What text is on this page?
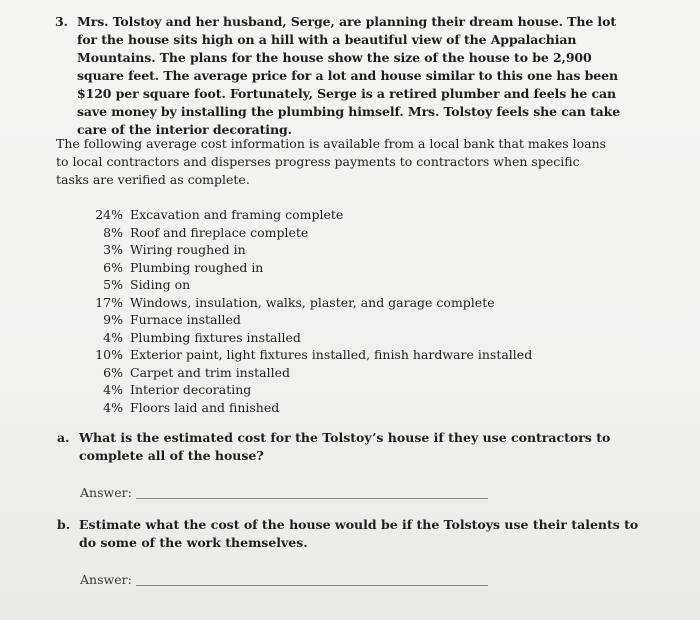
3. Mrs. Tolstoy and her husband, Serge, are planning their dream house. The lot for the house sits high on a hill with a beautiful view of the Appalachian Mountains. The plans for the house show the size of the house to be 2,900 square feet. The average price for a lot and house similar to this one has been $120 per square foot. Fortunately, Serge is a retired plumber and feels he can save money by installing the plumbing himself. Mrs. Tolstoy feels she can take care of the interior decorating.
The following average cost information is available from a local bank that makes loans to local contractors and disperses progress payments to contractors when specific tasks are verified as complete.
24% Excavation and framing complete
8% Roof and fireplace complete
3% Wiring roughed in
6% Plumbing roughed in
5% Siding on
17% Windows, insulation, walks, plaster, and garage complete
9% Furnace installed
4% Plumbing fixtures installed
10% Exterior paint, light fixtures installed, finish hardware installed
6% Carpet and trim installed
4% Interior decorating
4% Floors laid and finished
a. What is the estimated cost for the Tolstoy’s house if they use contractors to complete all of the house?
Answer:
b. Estimate what the cost of the house would be if the Tolstoys use their talents to do some of the work themselves.
Answer:
